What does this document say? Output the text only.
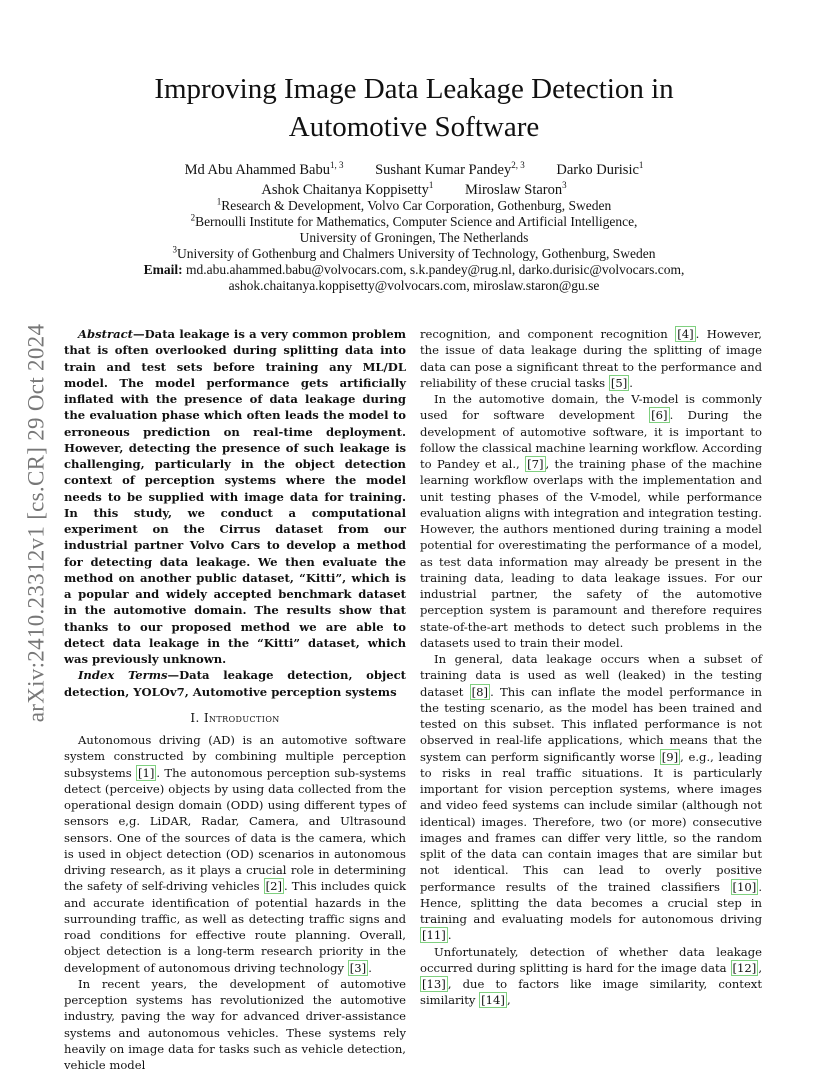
arXiv:2410.23312v1 [cs.CR] 29 Oct 2024
Improving Image Data Leakage Detection in
Automotive Software
Md Abu Ahammed Babu$^{1, 3}$ Sushant Kumar Pandey$^{2, 3}$ Darko Durisic$^1$
Ashok Chaitanya Koppisetty$^1$ Miroslaw Staron$^3$
$^1$Research & Development, Volvo Car Corporation, Gothenburg, Sweden
$^2$Bernoulli Institute for Mathematics, Computer Science and Artificial Intelligence,
University of Groningen, The Netherlands
$^3$University of Gothenburg and Chalmers University of Technology, Gothenburg, Sweden
Email: md.abu.ahammed.babu@volvocars.com, s.k.pandey@rug.nl, darko.durisic@volvocars.com,
ashok.chaitanya.koppisetty@volvocars.com, miroslaw.staron@gu.se

Abstract—Data leakage is a very common problem that is often overlooked during splitting data into train and test sets before training any ML/DL model. The model performance gets artificially inflated with the presence of data leakage during the evaluation phase which often leads the model to erroneous prediction on real-time deployment. However, detecting the presence of such leakage is challenging, particularly in the object detection context of perception systems where the model needs to be supplied with image data for training. In this study, we conduct a computational experiment on the Cirrus dataset from our industrial partner Volvo Cars to develop a method for detecting data leakage. We then evaluate the method on another public dataset, “Kitti”, which is a popular and widely accepted benchmark dataset in the automotive domain. The results show that thanks to our proposed method we are able to detect data leakage in the “Kitti” dataset, which was previously unknown.

Index Terms—Data leakage detection, object detection, YOLOv7, Automotive perception systems

I. Introduction

Autonomous driving (AD) is an automotive software system constructed by combining multiple perception subsystems [1] . The autonomous perception sub-systems detect (perceive) objects by using data collected from the operational design domain (ODD) using different types of sensors e,g. LiDAR, Radar, Camera, and Ultrasound sensors. One of the sources of data is the camera, which is used in object detection (OD) scenarios in autonomous driving research, as it plays a crucial role in determining the safety of self-driving vehicles [2] . This includes quick and accurate identification of potential hazards in the surrounding traffic, as well as detecting traffic signs and road conditions for effective route planning. Overall, object detection is a long-term research priority in the development of autonomous driving technology [3] .

In recent years, the development of automotive perception systems has revolutionized the automotive industry, paving the way for advanced driver-assistance systems and autonomous vehicles. These systems rely heavily on image data for tasks such as vehicle detection, vehicle model

recognition, and component recognition [4] . However, the issue of data leakage during the splitting of image data can pose a significant threat to the performance and reliability of these crucial tasks [5] .

In the automotive domain, the V-model is commonly used for software development [6] . During the development of automotive software, it is important to follow the classical machine learning workflow. According to Pandey et al., [7] , the training phase of the machine learning workflow overlaps with the implementation and unit testing phases of the V-model, while performance evaluation aligns with integration and integration testing. However, the authors mentioned during training a model potential for overestimating the performance of a model, as test data information may already be present in the training data, leading to data leakage issues. For our industrial partner, the safety of the automotive perception system is paramount and therefore requires state-of-the-art methods to detect such problems in the datasets used to train their model.

In general, data leakage occurs when a subset of training data is used as well (leaked) in the testing dataset [8] . This can inflate the model performance in the testing scenario, as the model has been trained and tested on this subset. This inflated performance is not observed in real-life applications, which means that the system can perform significantly worse [9] , e.g., leading to risks in real traffic situations. It is particularly important for vision perception systems, where images and video feed systems can include similar (although not identical) images. Therefore, two (or more) consecutive images and frames can differ very little, so the random split of the data can contain images that are similar but not identical. This can lead to overly positive performance results of the trained classifiers [10] . Hence, splitting the data becomes a crucial step in training and evaluating models for autonomous driving [11] .

Unfortunately, detection of whether data leakage occurred during splitting is hard for the image data [12] , [13] , due to factors like image similarity, context similarity [14] ,
